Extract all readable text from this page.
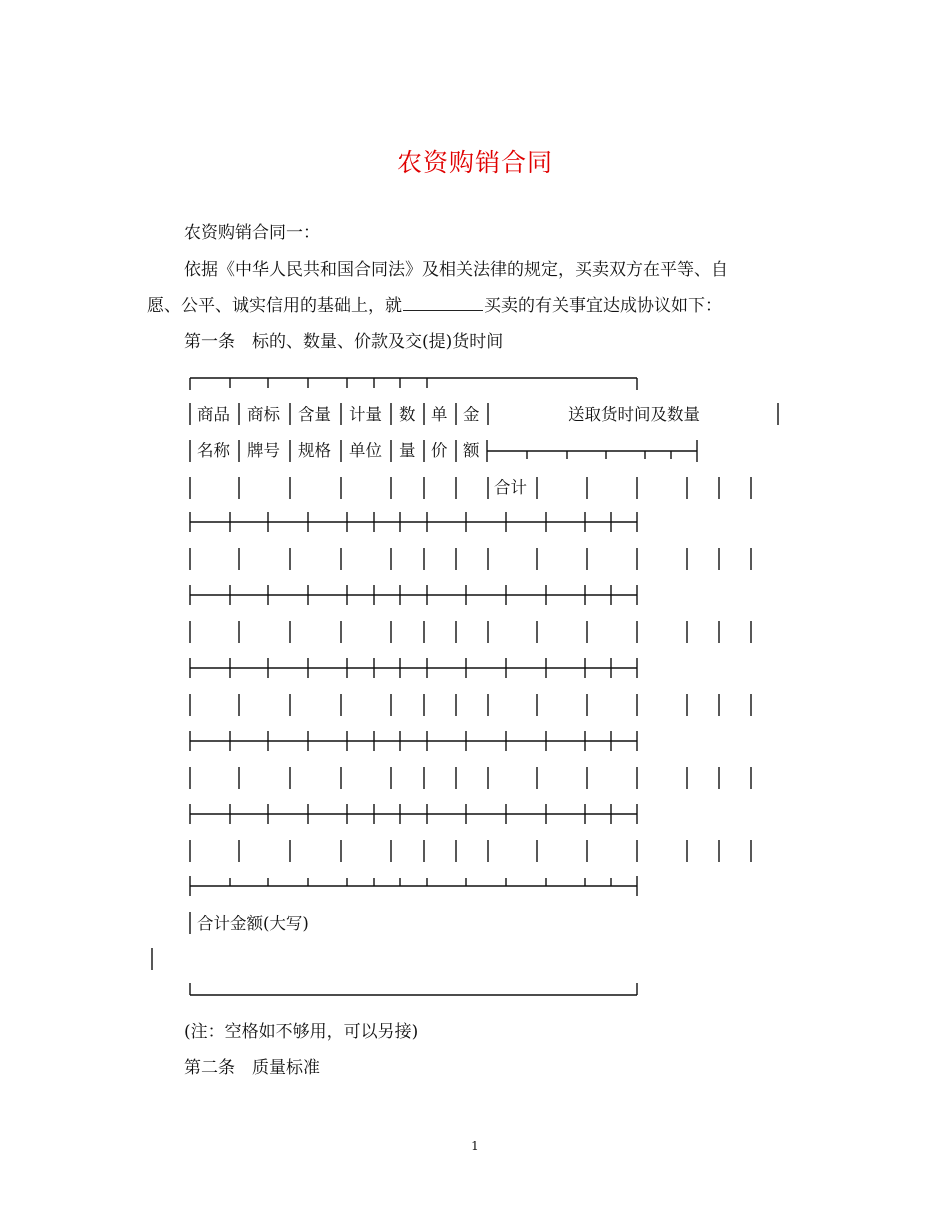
农资购销合同
农资购销合同一：
依据《中华人民共和国合同法》及相关法律的规定，买卖双方在平等、自
愿、公平、诚实信用的基础上，就	买卖的有关事宜达成协议如下：
第一条　标的、数量、价款及交(提)货时间
商品 商标 含量 计量 数 单 金	送取货时间及数量
名称 牌号 规格 单位 量 价 额
合计
合计金额(大写)
(注：空格如不够用，可以另接)
第二条　质量标准
1
